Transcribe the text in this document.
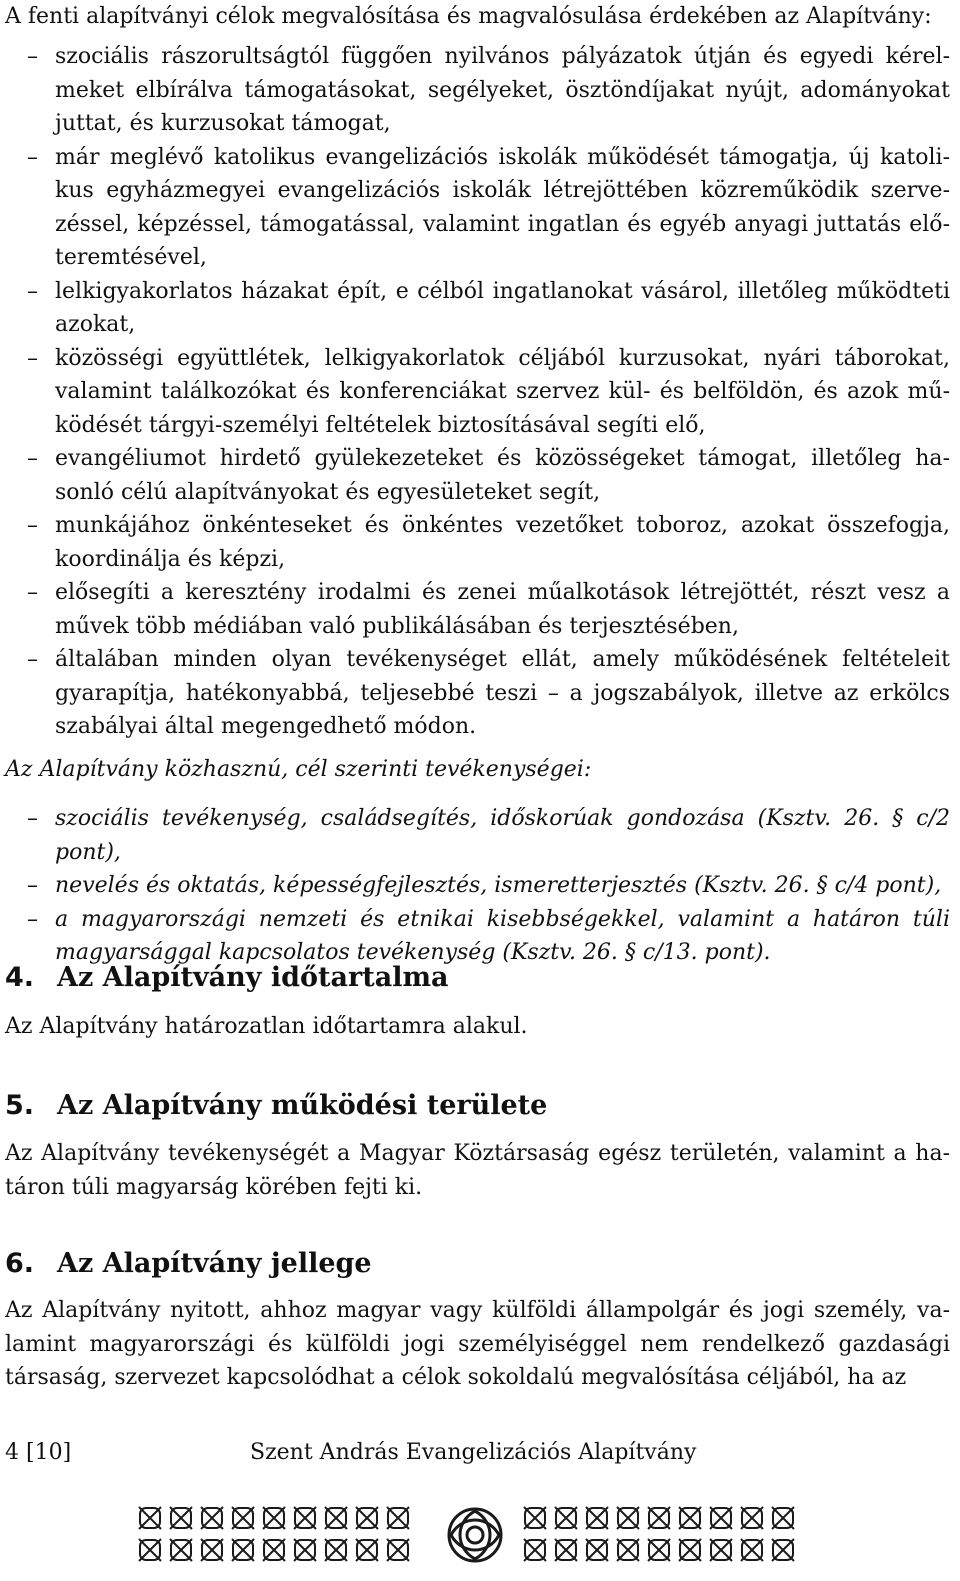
A fenti alapítványi célok megvalósítása és magvalósulása érdekében az Alapítvány:
– szociális rászorultságtól függően nyilvános pályázatok útján és egyedi kérelmeket elbírálva támogatásokat, segélyeket, ösztöndíjakat nyújt, adományokat juttat, és kurzusokat támogat,
– már meglévő katolikus evangelizációs iskolák működését támogatja, új katolikus egyházmegyei evangelizációs iskolák létrejöttében közreműködik szervezéssel, képzéssel, támogatással, valamint ingatlan és egyéb anyagi juttatás előteremtésével,
– lelkigyakorlatos házakat épít, e célból ingatlanokat vásárol, illetőleg működteti azokat,
– közösségi együttlétek, lelkigyakorlatok céljából kurzusokat, nyári táborokat, valamint találkozókat és konferenciákat szervez kül- és belföldön, és azok működését tárgyi-személyi feltételek biztosításával segíti elő,
– evangéliumot hirdető gyülekezeteket és közösségeket támogat, illetőleg hasonló célú alapítványokat és egyesületeket segít,
– munkájához önkénteseket és önkéntes vezetőket toboroz, azokat összefogja, koordinálja és képzi,
– elősegíti a keresztény irodalmi és zenei műalkotások létrejöttét, részt vesz a művek több médiában való publikálásában és terjesztésében,
– általában minden olyan tevékenységet ellát, amely működésének feltételeit gyarapítja, hatékonyabbá, teljesebbé teszi – a jogszabályok, illetve az erkölcs szabályai által megengedhető módon.
Az Alapítvány közhasznú, cél szerinti tevékenységei:
– szociális tevékenység, családsegítés, időskorúak gondozása (Ksztv. 26. § c/2 pont),
– nevelés és oktatás, képességfejlesztés, ismeretterjesztés (Ksztv. 26. § c/4 pont),
– a magyarországi nemzeti és etnikai kisebbségekkel, valamint a határon túli magyarsággal kapcsolatos tevékenység (Ksztv. 26. § c/13. pont).
4. Az Alapítvány időtartalma
Az Alapítvány határozatlan időtartamra alakul.
5. Az Alapítvány működési területe
Az Alapítvány tevékenységét a Magyar Köztársaság egész területén, valamint a határon túli magyarság körében fejti ki.
6. Az Alapítvány jellege
Az Alapítvány nyitott, ahhoz magyar vagy külföldi állampolgár és jogi személy, valamint magyarországi és külföldi jogi személyiséggel nem rendelkező gazdasági társaság, szervezet kapcsolódhat a célok sokoldalú megvalósítása céljából, ha az
4 [10]	Szent András Evangelizációs Alapítvány
